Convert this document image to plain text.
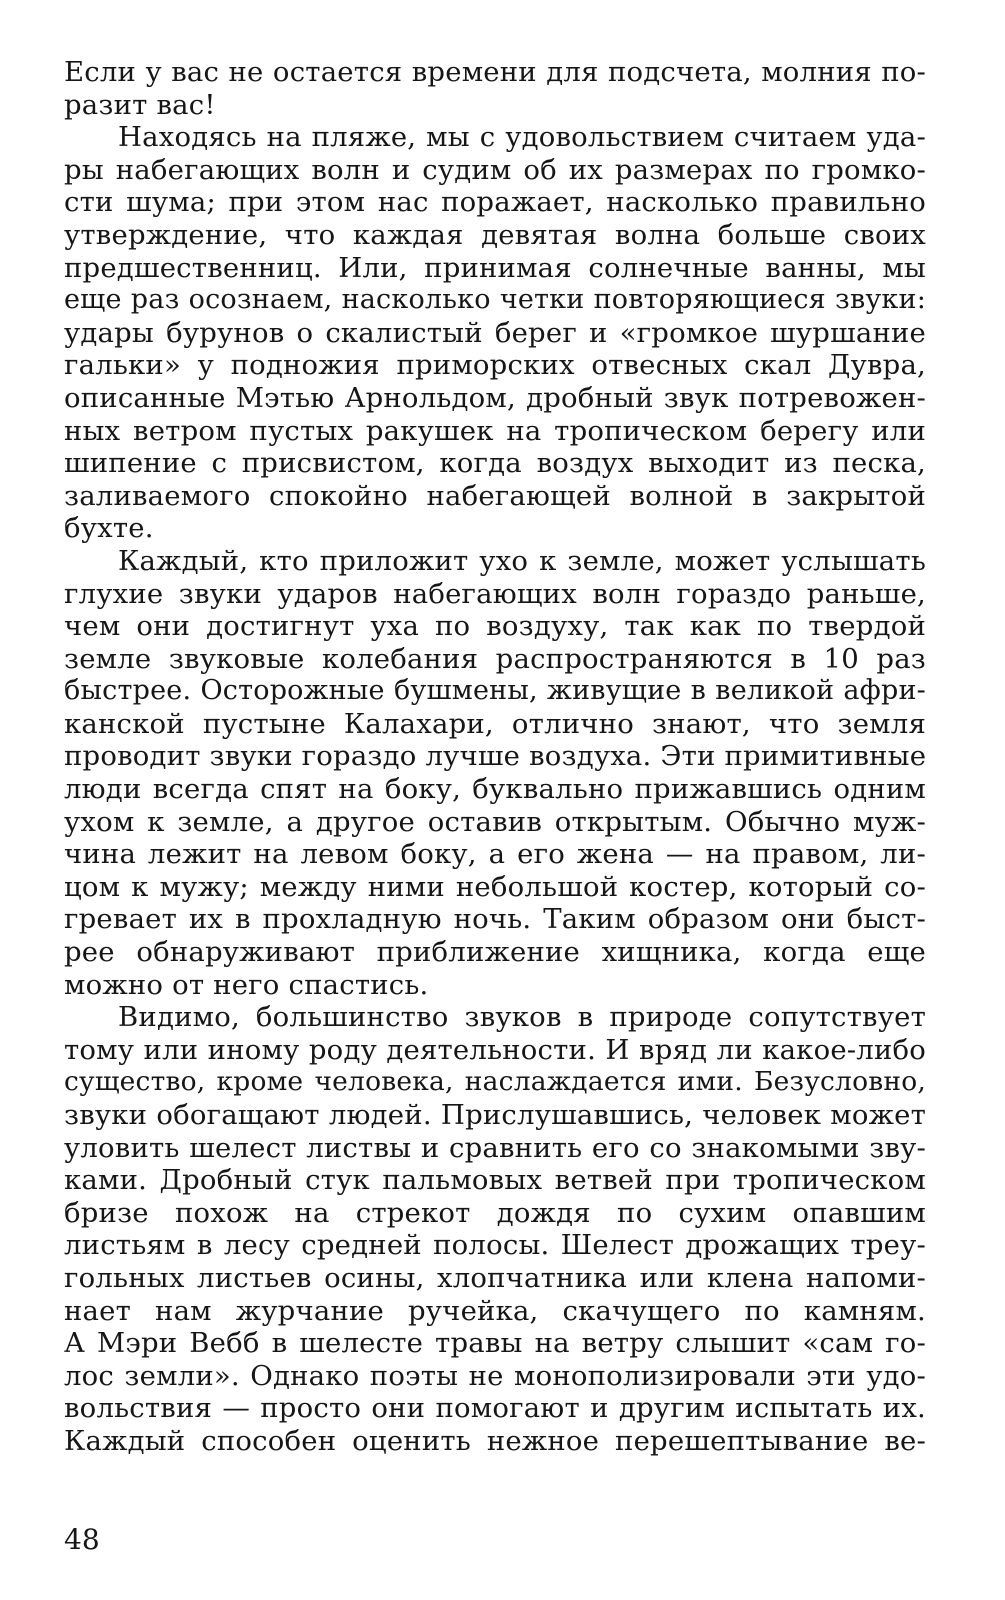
Если у вас не остается времени для подсчета, молния по-
разит вас!
Находясь на пляже, мы с удовольствием считаем уда-
ры набегающих волн и судим об их размерах по громко-
сти шума; при этом нас поражает, насколько правильно
утверждение, что каждая девятая волна больше своих
предшественниц. Или, принимая солнечные ванны, мы
еще раз осознаем, насколько четки повторяющиеся звуки:
удары бурунов о скалистый берег и «громкое шуршание
гальки» у подножия приморских отвесных скал Дувра,
описанные Мэтью Арнольдом, дробный звук потревожен-
ных ветром пустых ракушек на тропическом берегу или
шипение с присвистом, когда воздух выходит из песка,
заливаемого спокойно набегающей волной в закрытой
бухте.
Каждый, кто приложит ухо к земле, может услышать
глухие звуки ударов набегающих волн гораздо раньше,
чем они достигнут уха по воздуху, так как по твердой
земле звуковые колебания распространяются в 10 раз
быстрее. Осторожные бушмены, живущие в великой афри-
канской пустыне Калахари, отлично знают, что земля
проводит звуки гораздо лучше воздуха. Эти примитивные
люди всегда спят на боку, буквально прижавшись одним
ухом к земле, а другое оставив открытым. Обычно муж-
чина лежит на левом боку, а его жена — на правом, ли-
цом к мужу; между ними небольшой костер, который со-
гревает их в прохладную ночь. Таким образом они быст-
рее обнаруживают приближение хищника, когда еще
можно от него спастись.
Видимо, большинство звуков в природе сопутствует
тому или иному роду деятельности. И вряд ли какое-либо
существо, кроме человека, наслаждается ими. Безусловно,
звуки обогащают людей. Прислушавшись, человек может
уловить шелест листвы и сравнить его со знакомыми зву-
ками. Дробный стук пальмовых ветвей при тропическом
бризе похож на стрекот дождя по сухим опавшим
листьям в лесу средней полосы. Шелест дрожащих треу-
гольных листьев осины, хлопчатника или клена напоми-
нает нам журчание ручейка, скачущего по камням.
А Мэри Вебб в шелесте травы на ветру слышит «сам го-
лос земли». Однако поэты не монополизировали эти удо-
вольствия — просто они помогают и другим испытать их.
Каждый способен оценить нежное перешептывание ве-
48
